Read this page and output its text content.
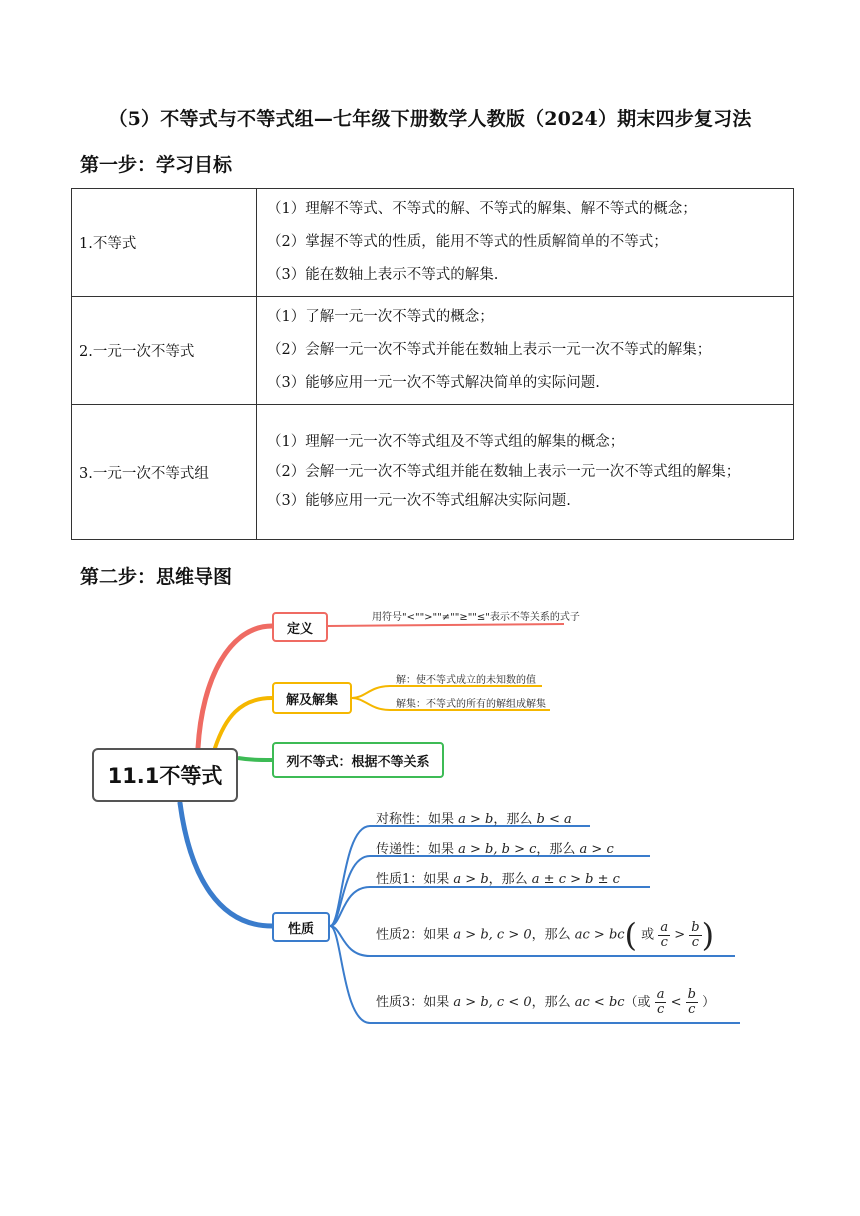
（5）不等式与不等式组—七年级下册数学人教版（2024）期末四步复习法
第一步：学习目标
1.不等式	（1）理解不等式、不等式的解、不等式的解集、解不等式的概念；
（2）掌握不等式的性质，能用不等式的性质解简单的不等式；
（3）能在数轴上表示不等式的解集.

2.一元一次不等式	（1）了解一元一次不等式的概念；
（2）会解一元一次不等式并能在数轴上表示一元一次不等式的解集；
（3）能够应用一元一次不等式解决简单的实际问题.

3.一元一次不等式组	（1）理解一元一次不等式组及不等式组的解集的概念；
（2）会解一元一次不等式组并能在数轴上表示一元一次不等式组的解集；
（3）能够应用一元一次不等式组解决实际问题.
第二步：思维导图
11.1不等式
定义
用符号"<"">""≠""≥""≤"表示不等关系的式子
解及解集
解：使不等式成立的未知数的值
解集：不等式的所有的解组成解集
列不等式：根据不等关系
性质
对称性：如果 a > b，那么 b < a
传递性：如果 a > b, b > c，那么 a > c
性质1：如果 a > b，那么 a ± c > b ± c
性质2：如果 a > b, c > 0，那么 ac > bc( 或 $\frac{a}{c} > \frac{b}{c}$ )
性质3：如果 a > b, c < 0，那么 ac < bc（或 $\frac{a}{c} < \frac{b}{c}$ ）
